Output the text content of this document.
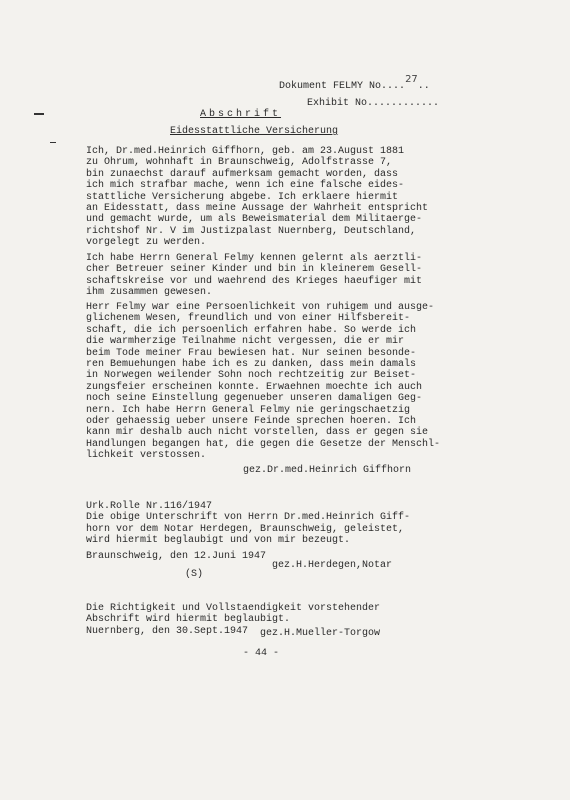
Dokument FELMY No....27..

Exhibit No............

Abschrift
Eidesstattliche Versicherung
Ich, Dr.med.Heinrich Giffhorn, geb. am 23.August 1881
zu Ohrum, wohnhaft in Braunschweig, Adolfstrasse 7,
bin zunaechst darauf aufmerksam gemacht worden, dass
ich mich strafbar mache, wenn ich eine falsche eides-
stattliche Versicherung abgebe. Ich erklaere hiermit
an Eidesstatt, dass meine Aussage der Wahrheit entspricht
und gemacht wurde, um als Beweismaterial dem Militaerge-
richtshof Nr. V im Justizpalast Nuernberg, Deutschland,
vorgelegt zu werden.
Ich habe Herrn General Felmy kennen gelernt als aerztli-
cher Betreuer seiner Kinder und bin in kleinerem Gesell-
schaftskreise vor und waehrend des Krieges haeufiger mit
ihm zusammen gewesen.
Herr Felmy war eine Persoenlichkeit von ruhigem und ausge-
glichenem Wesen, freundlich und von einer Hilfsbereit-
schaft, die ich persoenlich erfahren habe. So werde ich
die warmherzige Teilnahme nicht vergessen, die er mir
beim Tode meiner Frau bewiesen hat. Nur seinen besonde-
ren Bemuehungen habe ich es zu danken, dass mein damals
in Norwegen weilender Sohn noch rechtzeitig zur Beiset-
zungsfeier erscheinen konnte. Erwaehnen moechte ich auch
noch seine Einstellung gegenueber unseren damaligen Geg-
nern. Ich habe Herrn General Felmy nie geringschaetzig
oder gehaessig ueber unsere Feinde sprechen hoeren. Ich
kann mir deshalb auch nicht vorstellen, dass er gegen sie
Handlungen begangen hat, die gegen die Gesetze der Menschl-
lichkeit verstossen.
gez.Dr.med.Heinrich Giffhorn
Urk.Rolle Nr.116/1947
Die obige Unterschrift von Herrn Dr.med.Heinrich Giff-
horn vor dem Notar Herdegen, Braunschweig, geleistet,
wird hiermit beglaubigt und von mir bezeugt.
Braunschweig, den 12.Juni 1947
gez.H.Herdegen,Notar
(S)
Die Richtigkeit und Vollstaendigkeit vorstehender
Abschrift wird hiermit beglaubigt.
Nuernberg, den 30.Sept.1947	gez.H.Mueller-Torgow
- 44 -
